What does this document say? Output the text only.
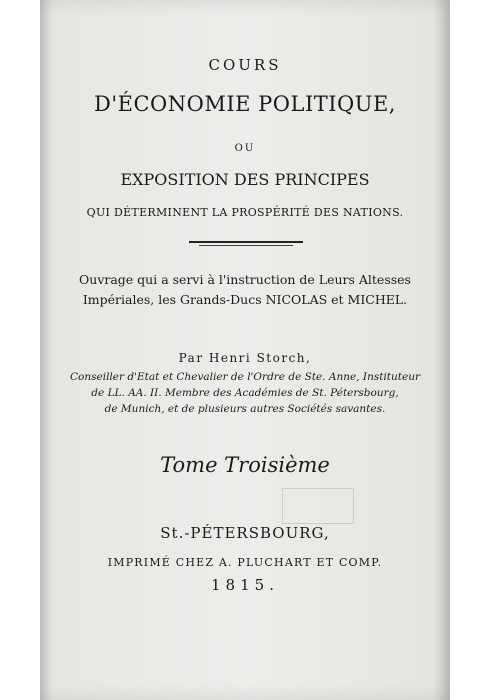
COURS
D'ÉCONOMIE POLITIQUE,
OU
EXPOSITION DES PRINCIPES
QUI DÉTERMINENT LA PROSPÉRITÉ DES NATIONS.
Ouvrage qui a servi à l'instruction de Leurs Altesses
Impériales, les Grands-Ducs NICOLAS et MICHEL.
Par Henri Storch,
Conseiller d'Etat et Chevalier de l'Ordre de Ste. Anne, Instituteur
de LL. AA. II. Membre des Académies de St. Pétersbourg,
de Munich, et de plusieurs autres Sociétés savantes.
Tome Troisième
St.-PÉTERSBOURG,
IMPRIMÉ CHEZ A. PLUCHART ET COMP.
1815.
